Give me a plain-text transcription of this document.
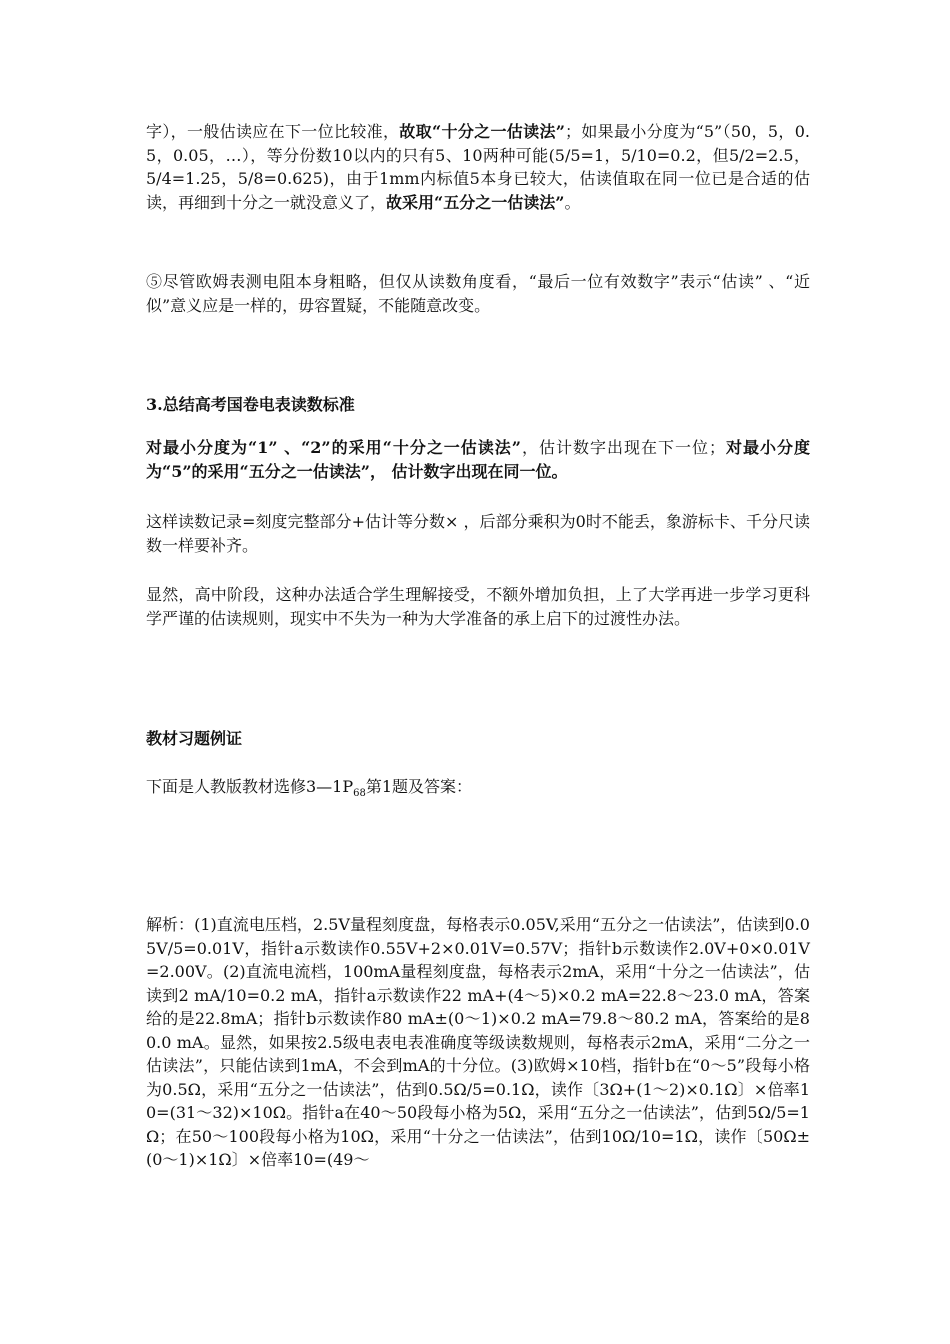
字），一般估读应在下一位比较准，故取“十分之一估读法”；如果最小分度为“5”（50，5，0.5，0.05，…），等分份数10以内的只有5、10两种可能(5/5=1，5/10=0.2，但5/2=2.5，5/4=1.25，5/8=0.625)，由于1mm内标值5本身已较大，估读值取在同一位已是合适的估读，再细到十分之一就没意义了，故采用“五分之一估读法”。

⑤尽管欧姆表测电阻本身粗略，但仅从读数角度看，“最后一位有效数字”表示“估读” 、“近似”意义应是一样的，毋容置疑，不能随意改变。

3.总结高考国卷电表读数标准

对最小分度为“1” 、“2”的采用“十分之一估读法”，估计数字出现在下一位；对最小分度为“5”的采用“五分之一估读法”， 估计数字出现在同一位。

这样读数记录=刻度完整部分+估计等分数× ，后部分乘积为0时不能丢，象游标卡、千分尺读数一样要补齐。

显然，高中阶段，这种办法适合学生理解接受，不额外增加负担，上了大学再进一步学习更科学严谨的估读规则，现实中不失为一种为大学准备的承上启下的过渡性办法。

教材习题例证

下面是人教版教材选修$3—1P_{68}$第1题及答案：

解析：(1)直流电压档，2.5V量程刻度盘，每格表示0.05V,采用“五分之一估读法”，估读到0.05V/5=0.01V，指针a示数读作0.55V+2×0.01V=0.57V；指针b示数读作2.0V+0×0.01V=2.00V。(2)直流电流档，100mA量程刻度盘，每格表示2mA，采用“十分之一估读法”，估读到2 mA/10=0.2 mA，指针a示数读作22 mA+(4～5)×0.2 mA=22.8～23.0 mA，答案给的是22.8mA；指针b示数读作80 mA±(0～1)×0.2 mA=79.8～80.2 mA，答案给的是80.0 mA。显然，如果按2.5级电表电表准确度等级读数规则，每格表示2mA，采用“二分之一估读法”，只能估读到1mA，不会到mA的十分位。(3)欧姆×10档，指针b在“0～5”段每小格为0.5Ω，采用“五分之一估读法”，估到0.5Ω/5=0.1Ω，读作〔3Ω+(1～2)×0.1Ω〕×倍率10=(31～32)×10Ω。指针a在40～50段每小格为5Ω，采用“五分之一估读法”，估到5Ω/5=1Ω；在50～100段每小格为10Ω，采用“十分之一估读法”，估到10Ω/10=1Ω，读作〔50Ω±(0～1)×1Ω〕×倍率10=(49～
